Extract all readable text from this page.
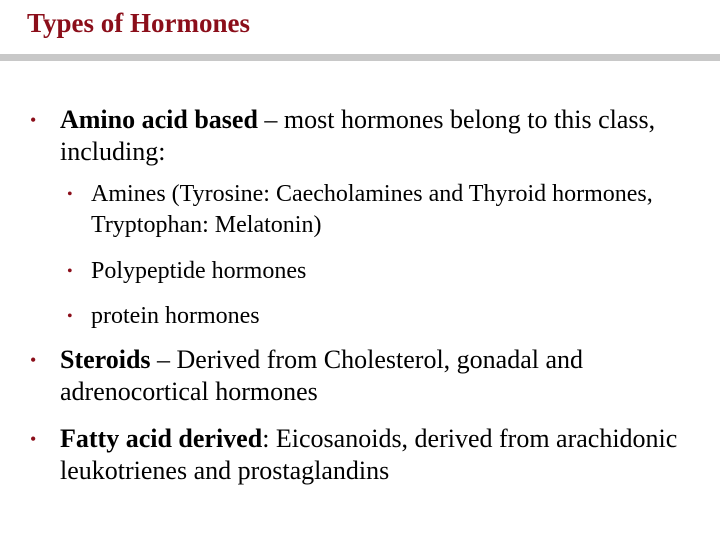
Types of Hormones
• Amino acid based – most hormones belong to this class, including:
• Amines (Tyrosine: Caecholamines and Thyroid hormones, Tryptophan: Melatonin)
• Polypeptide hormones
• protein hormones
• Steroids – Derived from Cholesterol, gonadal and adrenocortical hormones
• Fatty acid derived: Eicosanoids, derived from arachidonic leukotrienes and prostaglandins
